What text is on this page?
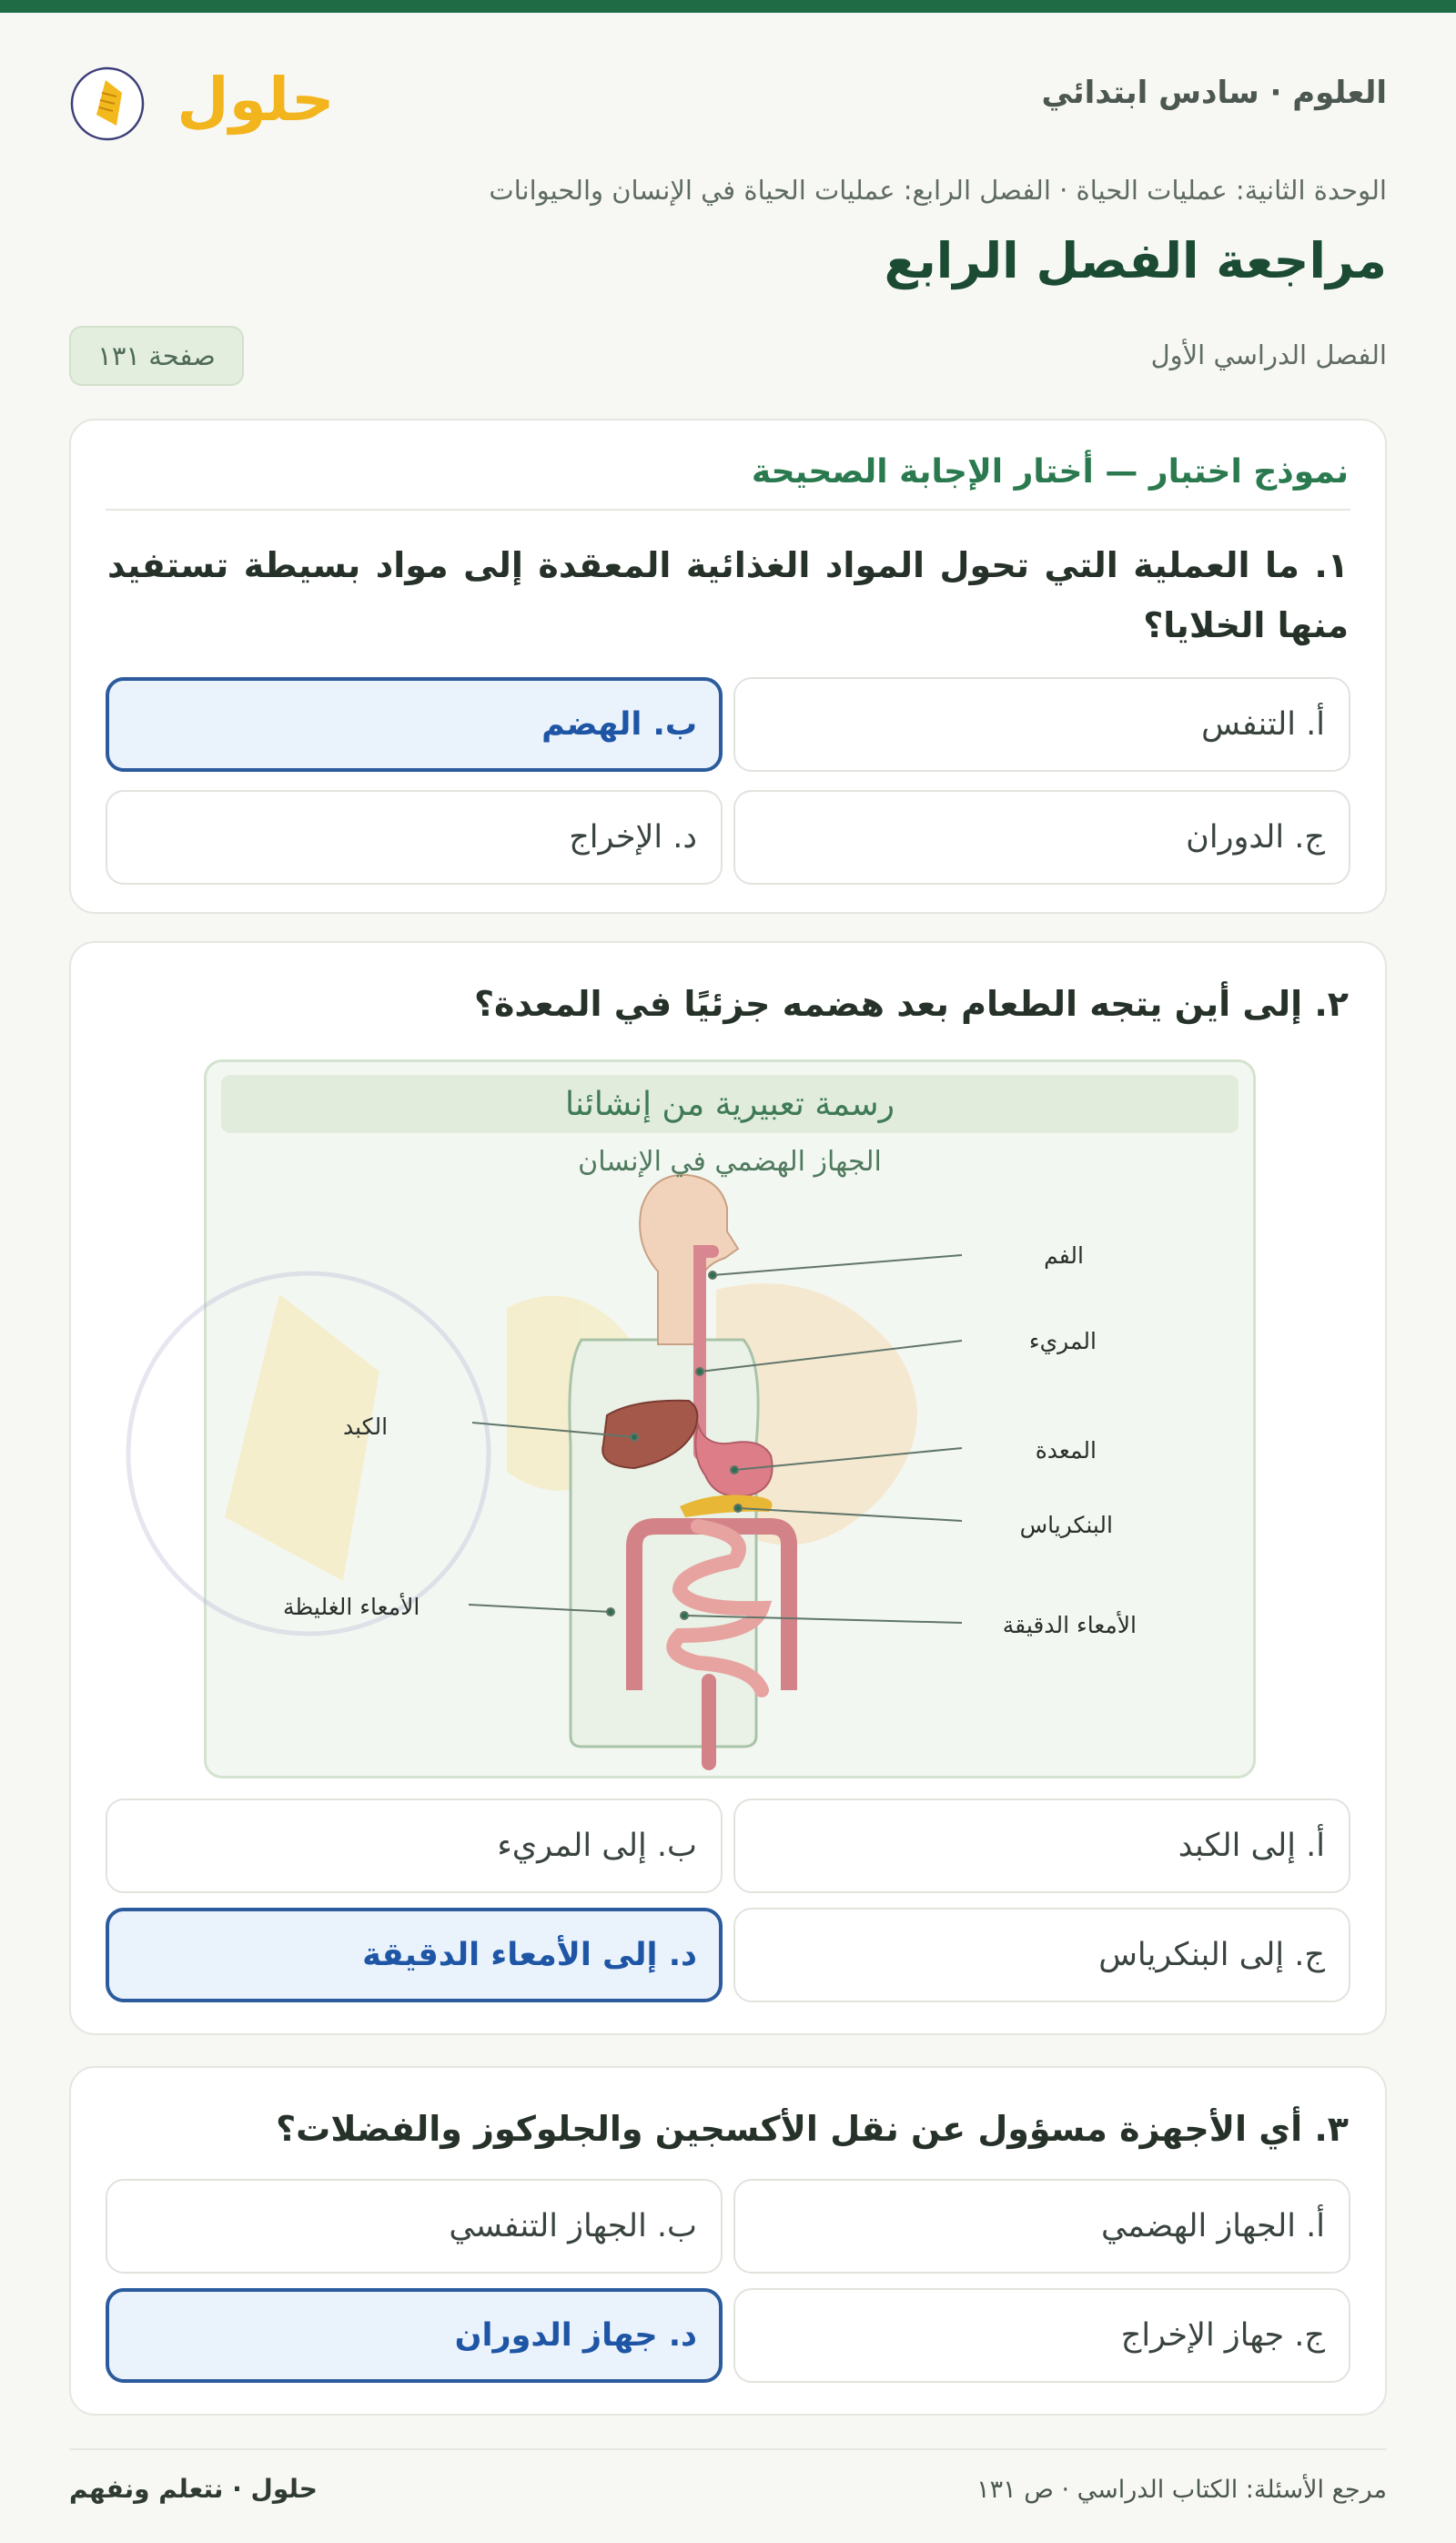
العلوم · سادس ابتدائي
حلول
الوحدة الثانية: عمليات الحياة · الفصل الرابع: عمليات الحياة في الإنسان والحيوانات
مراجعة الفصل الرابع
الفصل الدراسي الأول
صفحة ١٣١
نموذج اختبار — أختار الإجابة الصحيحة
١. ما العملية التي تحول المواد الغذائية المعقدة إلى مواد بسيطة تستفيد منها الخلايا؟
أ. التنفس
ب. الهضم
ج. الدوران
د. الإخراج
٢. إلى أين يتجه الطعام بعد هضمه جزئيًا في المعدة؟
رسمة تعبيرية من إنشائنا
الجهاز الهضمي في الإنسان
الفم
المريء
المعدة
البنكرياس
الأمعاء الدقيقة
الكبد
الأمعاء الغليظة
أ. إلى الكبد
ب. إلى المريء
ج. إلى البنكرياس
د. إلى الأمعاء الدقيقة
٣. أي الأجهزة مسؤول عن نقل الأكسجين والجلوكوز والفضلات؟
أ. الجهاز الهضمي
ب. الجهاز التنفسي
ج. جهاز الإخراج
د. جهاز الدوران
مرجع الأسئلة: الكتاب الدراسي · ص ١٣١
حلول · نتعلم ونفهم
